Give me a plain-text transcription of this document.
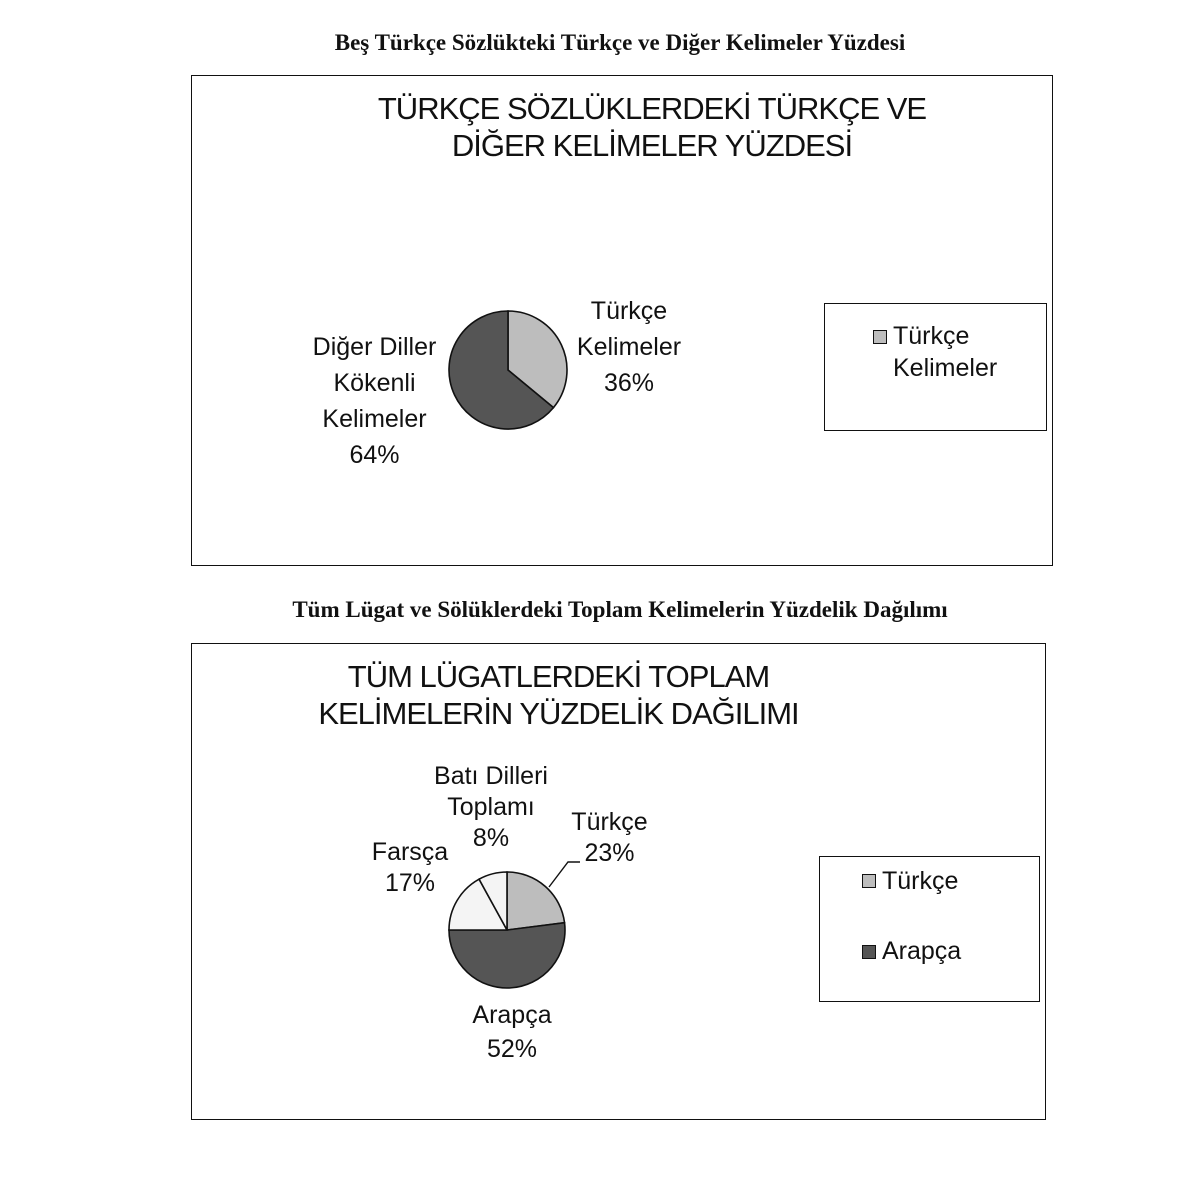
Beş Türkçe Sözlükteki Türkçe ve Diğer Kelimeler Yüzdesi
TÜRKÇE SÖZLÜKLERDEKİ TÜRKÇE VE
DİĞER KELİMELER YÜZDESİ
Türkçe
Kelimeler
36%
Diğer Diller
Kökenli
Kelimeler
64%
Türkçe
Kelimeler
Tüm Lügat ve Sölüklerdeki Toplam Kelimelerin Yüzdelik Dağılımı
TÜM LÜGATLERDEKİ TOPLAM
KELİMELERİN YÜZDELİK DAĞILIMI
Türkçe
23%
Arapça
52%
Farsça
17%
Batı Dilleri
Toplamı
8%
Türkçe
Arapça
